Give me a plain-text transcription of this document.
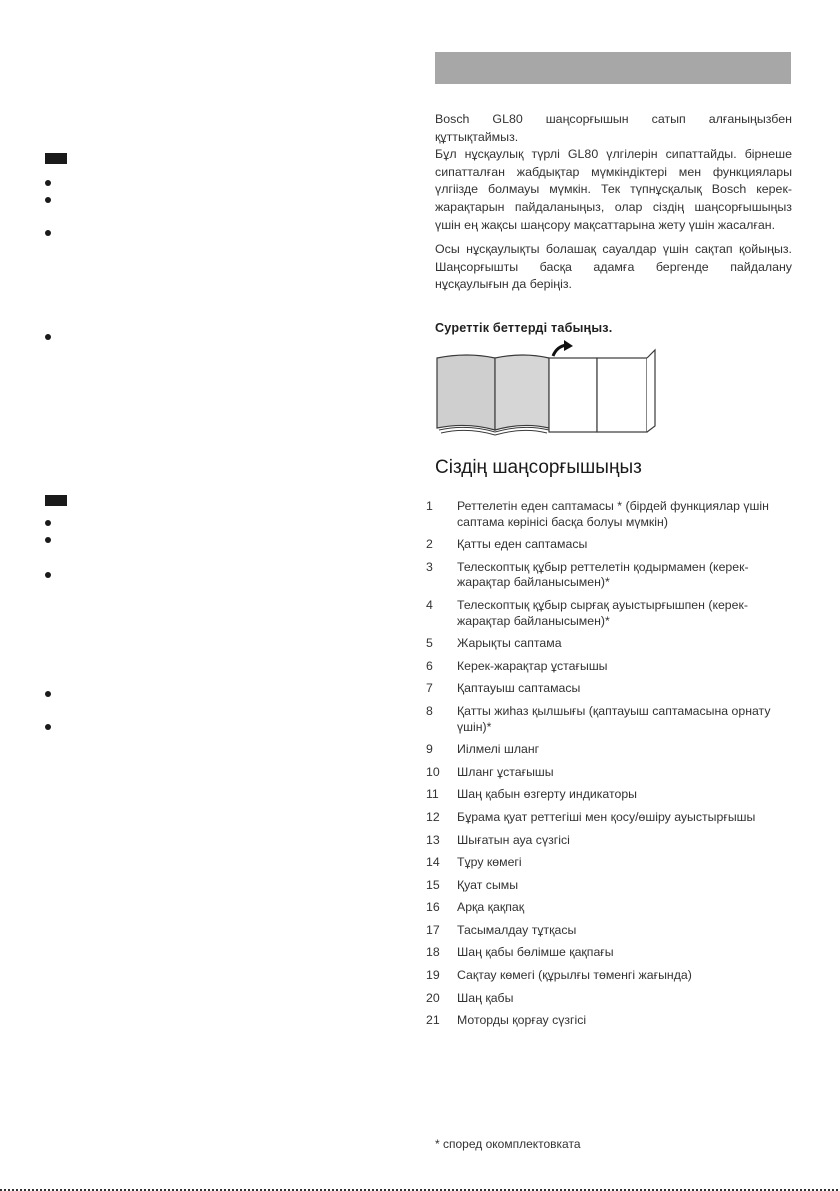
Bosch GL80 шаңсорғышын сатып алғаныңызбен құттықтаймыз.

Бұл нұсқаулық түрлі GL80 үлгілерін сипаттайды. бірнеше сипатталған жабдықтар мүмкіндіктері мен функциялары үлгіізде болмауы мүмкін. Тек түпнұсқалық Bosch керек-жарақтарын пайдаланыңыз, олар сіздің шаңсорғышыңыз үшін ең жақсы шаңсору мақсаттарына жету үшін жасалған.

Осы нұсқаулықты болашақ сауалдар үшін сақтап қойыңыз. Шаңсорғышты басқа адамға бергенде пайдалану нұсқаулығын да беріңіз.

Суреттік беттерді табыңыз.
Сіздің шаңсорғышыңыз
1 Реттелетін еден саптамасы * (бірдей функциялар үшін саптама көрінісі басқа болуы мүмкін)
2 Қатты еден саптамасы
3 Телескоптық құбыр реттелетін қодырмамен (керек-жарақтар байланысымен)*
4 Телескоптық құбыр сырғақ ауыстырғышпен (керек-жарақтар байланысымен)*
5 Жарықты саптама
6 Керек-жарақтар ұстағышы
7 Қаптауыш саптамасы
8 Қатты жиһаз қылшығы (қаптауыш саптамасына орнату үшін)*
9 Иілмелі шланг
10 Шланг ұстағышы
11 Шаң қабын өзгерту индикаторы
12 Бұрама қуат реттегіші мен қосу/өшіру ауыстырғышы
13 Шығатын ауа сүзгісі
14 Тұру көмегі
15 Қуат сымы
16 Арқа қақпақ
17 Тасымалдау тұтқасы
18 Шаң қабы бөлімше қақпағы
19 Сақтау көмегі (құрылғы төменгі жағында)
20 Шаң қабы
21 Моторды қорғау сүзгісі
* според окомплектовката
